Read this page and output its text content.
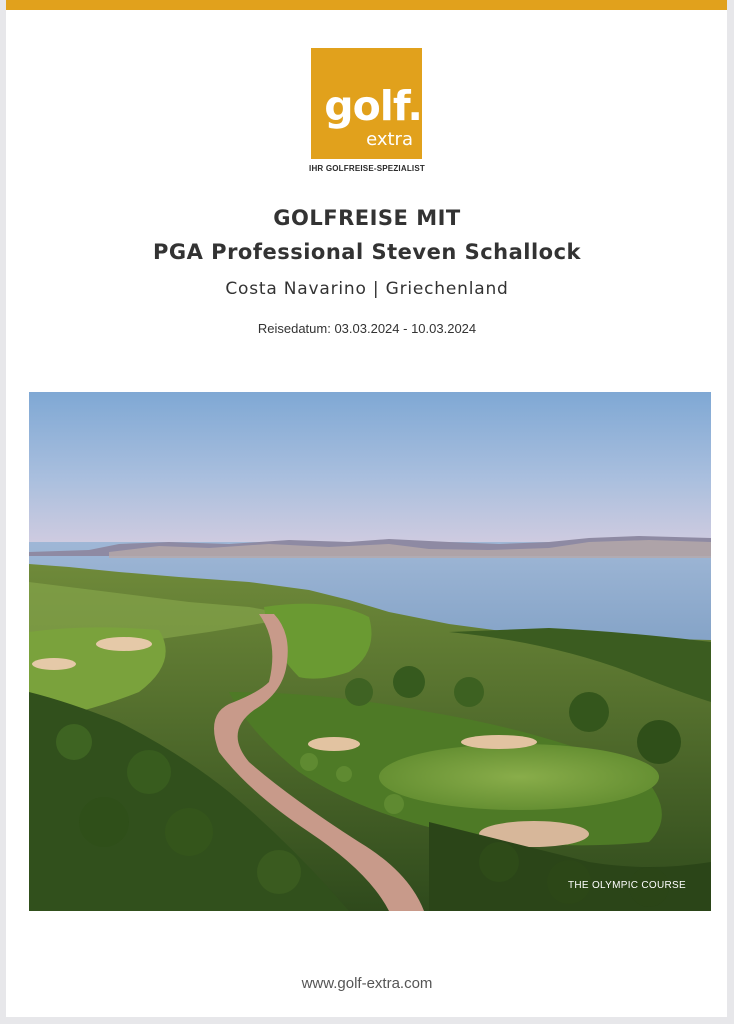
golf.
extra
IHR GOLFREISE-SPEZIALIST
GOLFREISE MIT
PGA Professional Steven Schallock
Costa Navarino | Griechenland
Reisedatum: 03.03.2024 - 10.03.2024
THE OLYMPIC COURSE
www.golf-extra.com
